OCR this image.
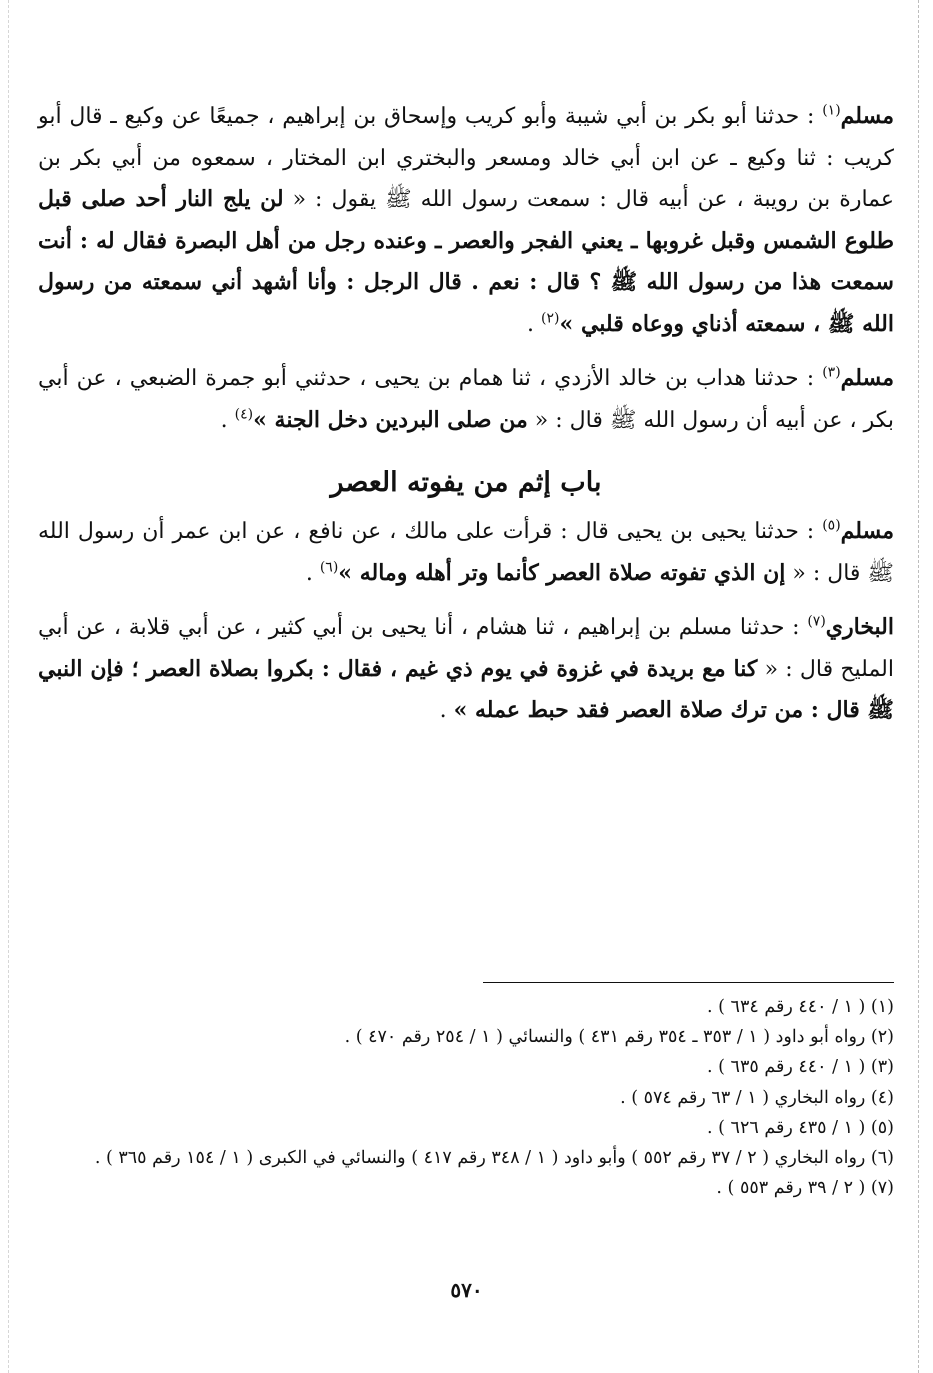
مسلم$^{(١)}$ : حدثنا أبو بكر بن أبي شيبة وأبو كريب وإسحاق بن إبراهيم ، جميعًا عن وكيع ـ قال أبو كريب : ثنا وكيع ـ عن ابن أبي خالد ومسعر والبختري ابن المختار ، سمعوه من أبي بكر بن عمارة بن رويبة ، عن أبيه قال : سمعت رسول الله ﷺ يقول : « لن يلج النار أحد صلى قبل طلوع الشمس وقبل غروبها ـ يعني الفجر والعصر ـ وعنده رجل من أهل البصرة فقال له : أنت سمعت هذا من رسول الله ﷺ ؟ قال : نعم . قال الرجل : وأنا أشهد أني سمعته من رسول الله ﷺ ، سمعته أذناي ووعاه قلبي »$^{(٢)}$ .

مسلم$^{(٣)}$ : حدثنا هداب بن خالد الأزدي ، ثنا همام بن يحيى ، حدثني أبو جمرة الضبعي ، عن أبي بكر ، عن أبيه أن رسول الله ﷺ قال : « من صلى البردين دخل الجنة »$^{(٤)}$ .

باب إثم من يفوته العصر

مسلم$^{(٥)}$ : حدثنا يحيى بن يحيى قال : قرأت على مالك ، عن نافع ، عن ابن عمر أن رسول الله ﷺ قال : « إن الذي تفوته صلاة العصر كأنما وتر أهله وماله »$^{(٦)}$ .

البخاري$^{(٧)}$ : حدثنا مسلم بن إبراهيم ، ثنا هشام ، أنا يحيى بن أبي كثير ، عن أبي قلابة ، عن أبي المليح قال : « كنا مع بريدة في غزوة في يوم ذي غيم ، فقال : بكروا بصلاة العصر ؛ فإن النبي ﷺ قال : من ترك صلاة العصر فقد حبط عمله » .

(١) ( ١ / ٤٤٠ رقم ٦٣٤ ) .
(٢) رواه أبو داود ( ١ / ٣٥٣ ـ ٣٥٤ رقم ٤٣١ ) والنسائي ( ١ / ٢٥٤ رقم ٤٧٠ ) .
(٣) ( ١ / ٤٤٠ رقم ٦٣٥ ) .
(٤) رواه البخاري ( ١ / ٦٣ رقم ٥٧٤ ) .
(٥) ( ١ / ٤٣٥ رقم ٦٢٦ ) .
(٦) رواه البخاري ( ٢ / ٣٧ رقم ٥٥٢ ) وأبو داود ( ١ / ٣٤٨ رقم ٤١٧ ) والنسائي في الكبرى ( ١ / ١٥٤ رقم ٣٦٥ ) .
(٧) ( ٢ / ٣٩ رقم ٥٥٣ ) .
٥٧٠
